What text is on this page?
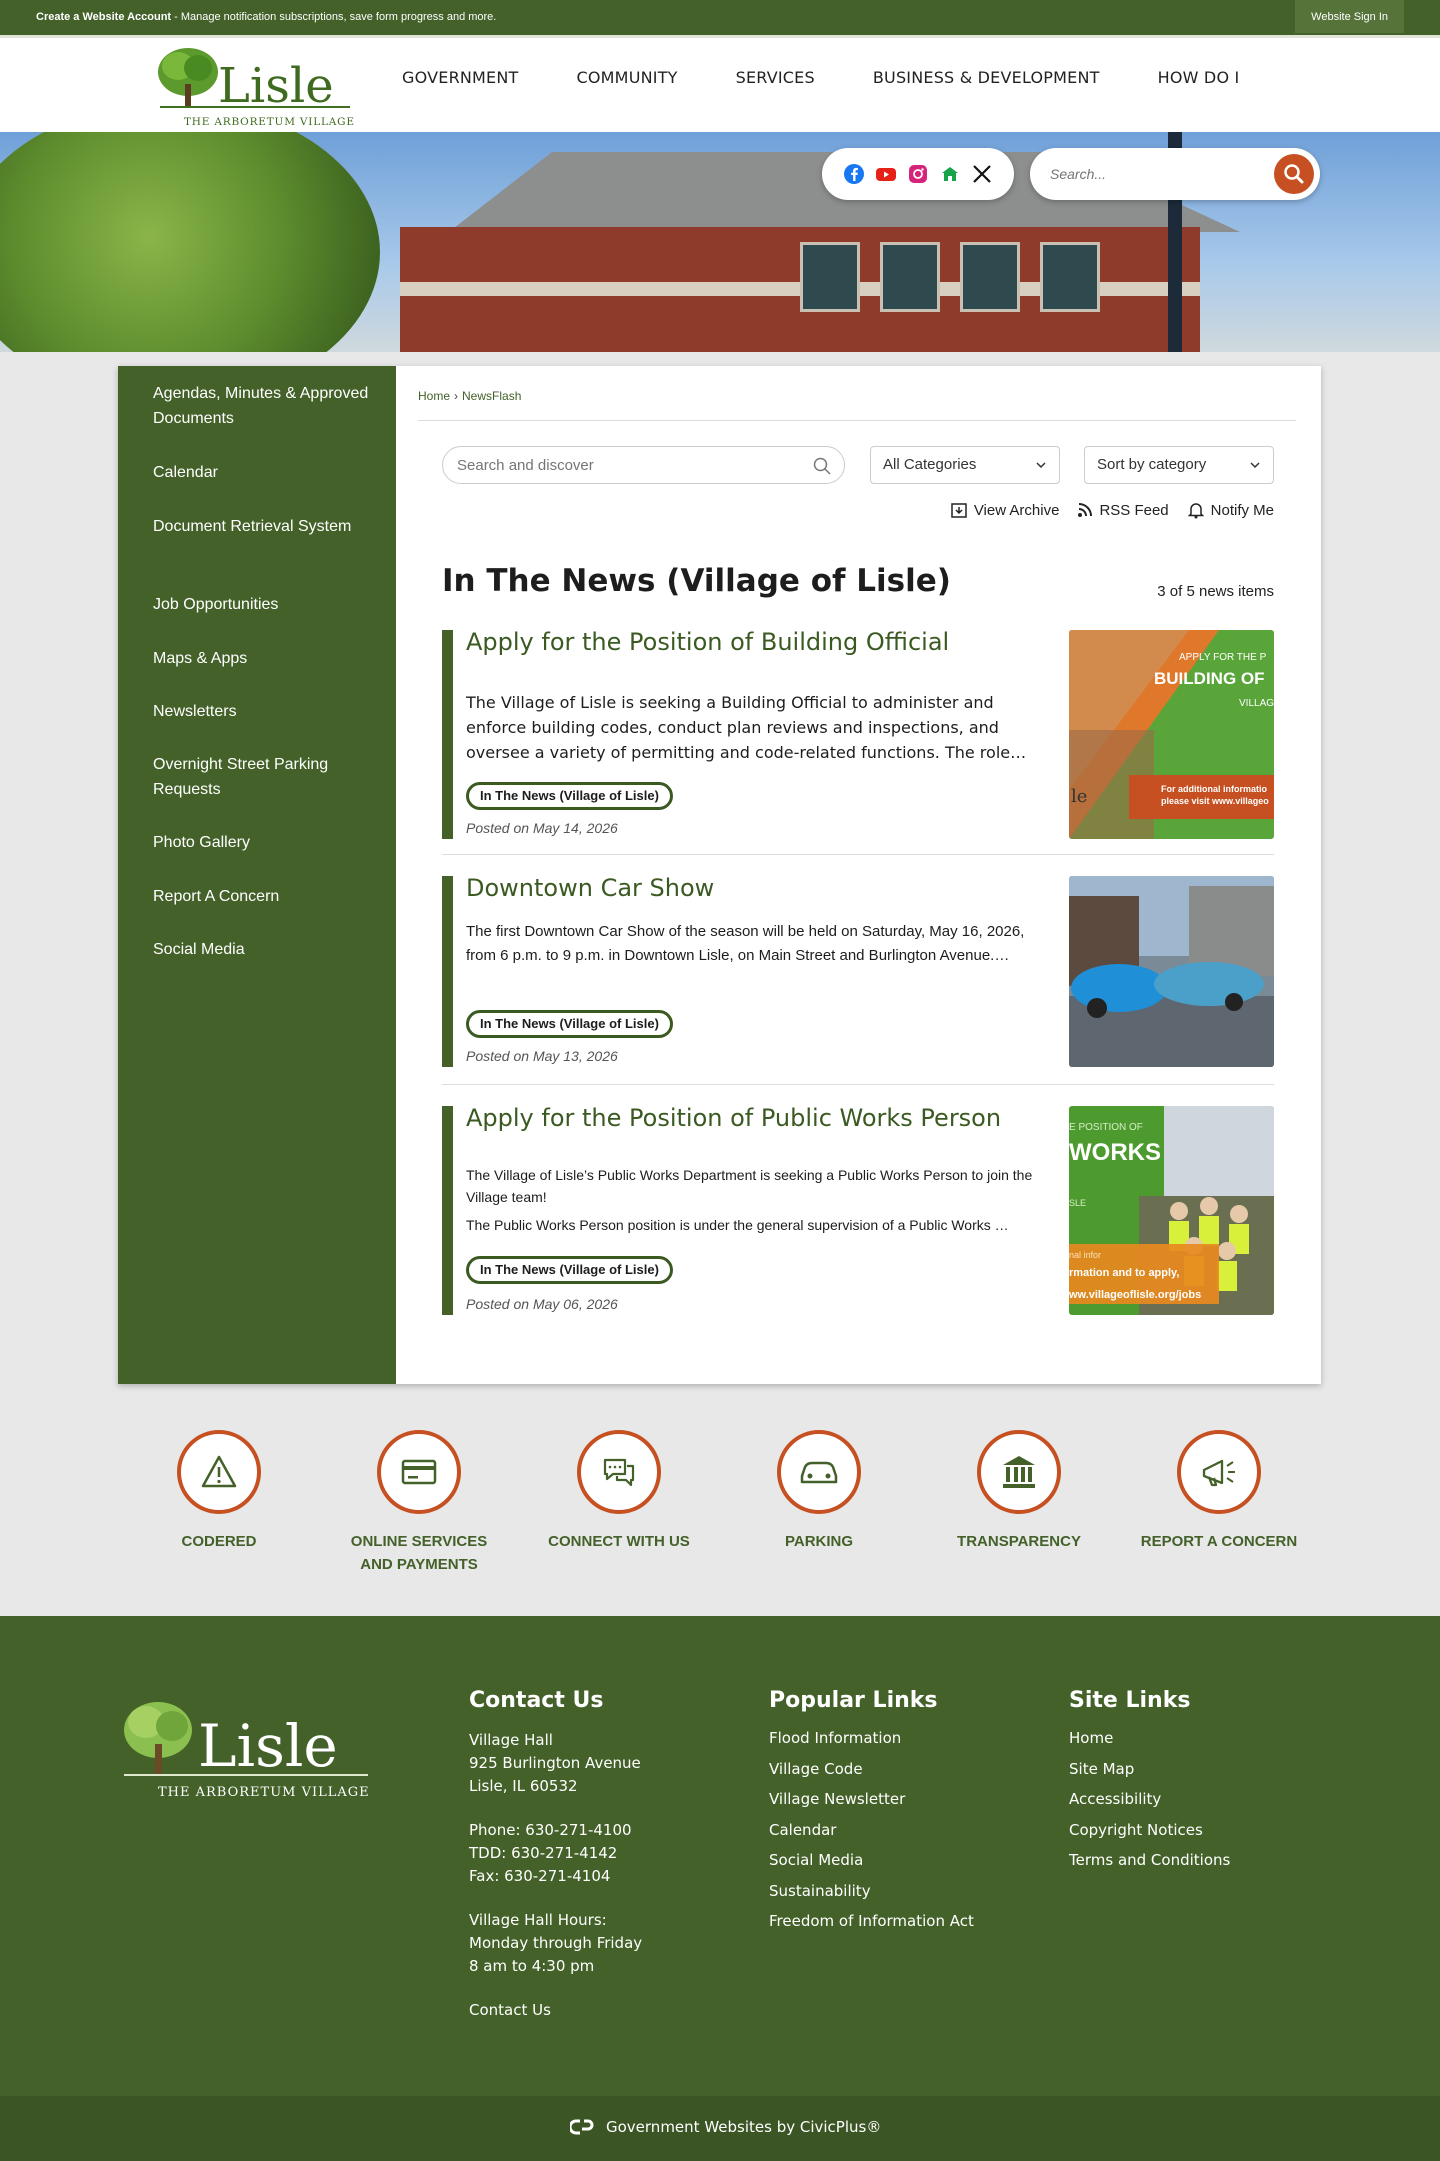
Create a Website Account - Manage notification subscriptions, save form progress and more.	Website Sign In
Lisle
THE ARBORETUM VILLAGE
GOVERNMENT	COMMUNITY	SERVICES	BUSINESS & DEVELOPMENT	HOW DO I
Search...
Agendas, Minutes & Approved Documents
Calendar
Document Retrieval System
Job Opportunities
Maps & Apps
Newsletters
Overnight Street Parking Requests
Photo Gallery
Report A Concern
Social Media
Home › NewsFlash
Search and discover
All Categories	Sort by category
View Archive	RSS Feed	Notify Me
In The News (Village of Lisle)	3 of 5 news items
Apply for the Position of Building Official
The Village of Lisle is seeking a Building Official to administer and enforce building codes, conduct plan reviews and inspections, and oversee a variety of permitting and code-related functions. The role…
In The News (Village of Lisle)
Posted on May 14, 2026
APPLY FOR THE P
BUILDING OF
VILLAG
For additional informatio
please visit www.villageo
le
Downtown Car Show
The first Downtown Car Show of the season will be held on Saturday, May 16, 2026, from 6 p.m. to 9 p.m. in Downtown Lisle, on Main Street and Burlington Avenue.…
In The News (Village of Lisle)
Posted on May 13, 2026
Apply for the Position of Public Works Person
The Village of Lisle’s Public Works Department is seeking a Public Works Person to join the Village team!
The Public Works Person position is under the general supervision of a Public Works …
In The News (Village of Lisle)
Posted on May 06, 2026
E POSITION OF
WORKS
SLE
nal infor
rmation and to apply,
ww.villageoflisle.org/jobs
CODERED	ONLINE SERVICES AND PAYMENTS
CONNECT WITH US	PARKING	TRANSPARENCY	REPORT A CONCERN
Lisle
THE ARBORETUM VILLAGE
Contact Us

Village Hall

925 Burlington Avenue

Lisle, IL 60532

Phone: 630-271-4100

TDD: 630-271-4142

Fax: 630-271-4104

Village Hall Hours:

Monday through Friday

8 am to 4:30 pm

Contact Us
Popular Links
Flood Information
Village Code
Village Newsletter
Calendar
Social Media
Sustainability
Freedom of Information Act
Site Links
Home
Site Map
Accessibility
Copyright Notices
Terms and Conditions
Government Websites by CivicPlus®
